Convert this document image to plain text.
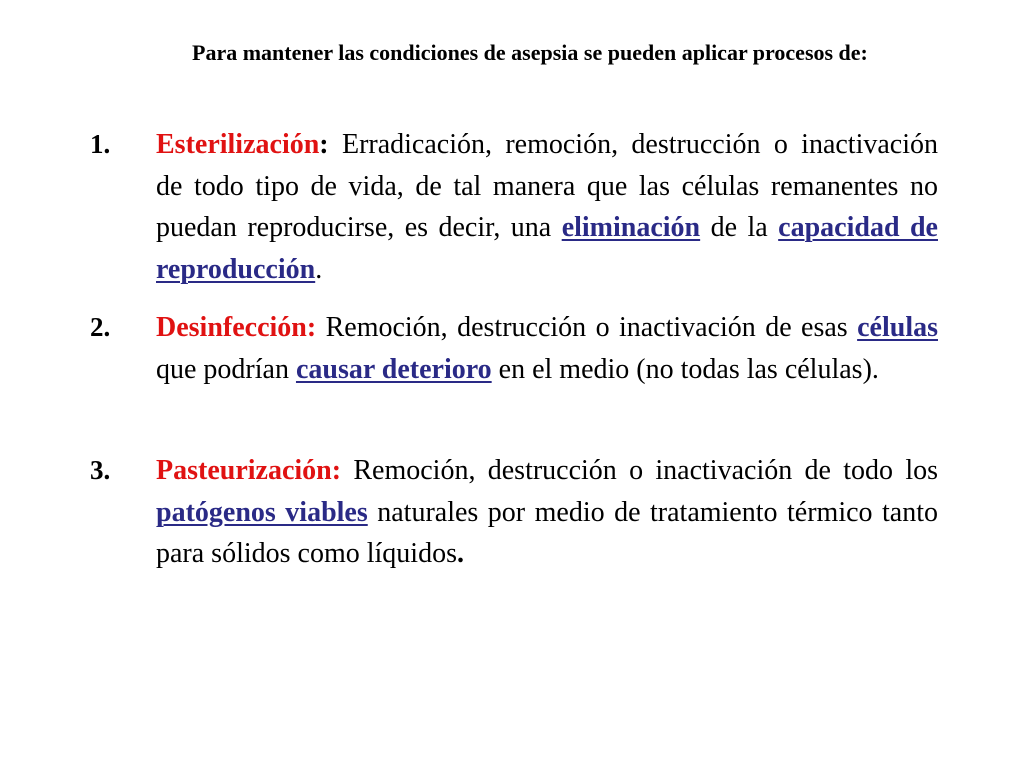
Para mantener las condiciones de asepsia se pueden aplicar procesos de:

1. Esterilización: Erradicación, remoción, destrucción o inactivación de todo tipo de vida, de tal manera que las células remanentes no puedan reproducirse, es decir, una eliminación de la capacidad de reproducción.

2. Desinfección: Remoción, destrucción o inactivación de esas células que podrían causar deterioro en el medio (no todas las células).

3. Pasteurización: Remoción, destrucción o inactivación de todo los patógenos viables naturales por medio de tratamiento térmico tanto para sólidos como líquidos.
